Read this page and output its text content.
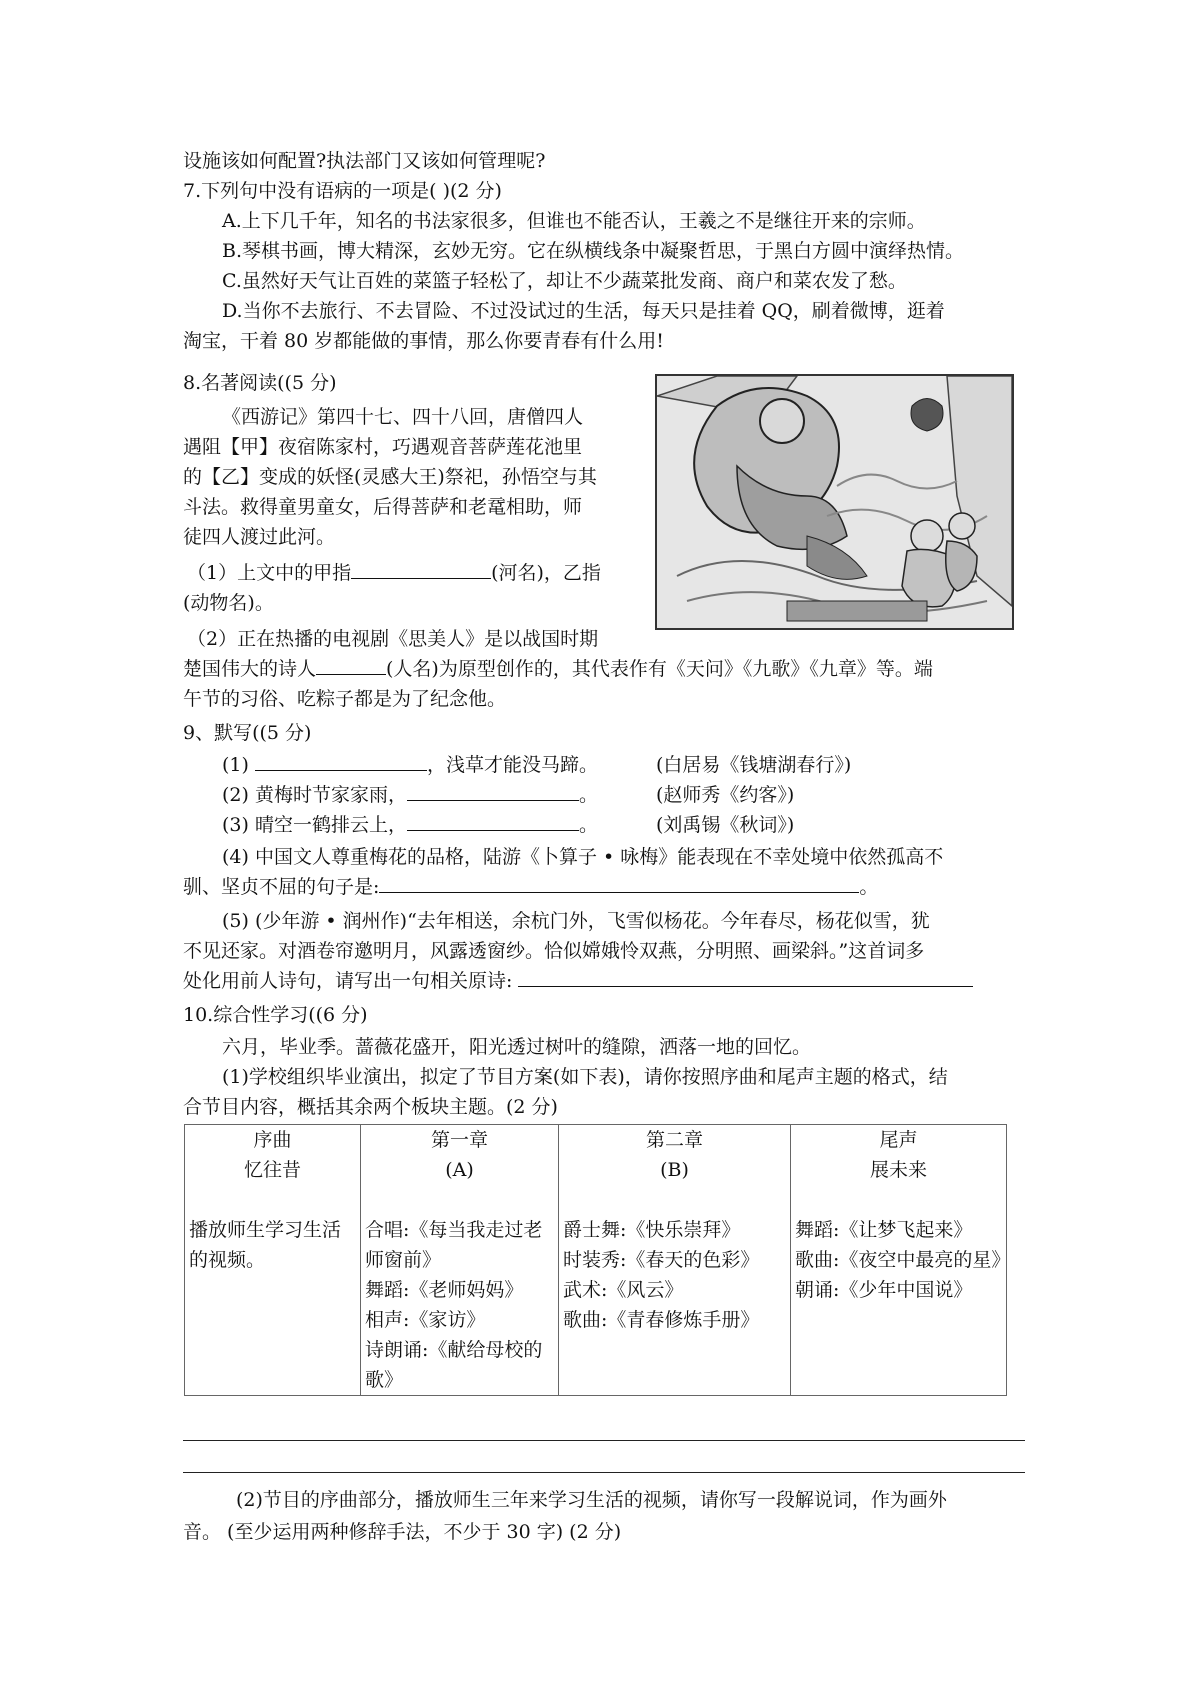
设施该如何配置?执法部门又该如何管理呢?
7.下列句中没有语病的一项是( )(2 分)
A.上下几千年，知名的书法家很多，但谁也不能否认，王羲之不是继往开来的宗师。
B.琴棋书画，博大精深，玄妙无穷。它在纵横线条中凝聚哲思，于黑白方圆中演绎热情。
C.虽然好天气让百姓的菜篮子轻松了，却让不少蔬菜批发商、商户和菜农发了愁。
D.当你不去旅行、不去冒险、不过没试过的生活，每天只是挂着 QQ，刷着微博，逛着
淘宝，干着 80 岁都能做的事情，那么你要青春有什么用!
8.名著阅读((5 分)
《西游记》第四十七、四十八回，唐僧四人
遇阻【甲】夜宿陈家村，巧遇观音菩萨莲花池里
的【乙】变成的妖怪(灵感大王)祭祀，孙悟空与其
斗法。救得童男童女，后得菩萨和老鼋相助，师
徒四人渡过此河。
（1）上文中的甲指	(河名)，乙指
(动物名)。
（2）正在热播的电视剧《思美人》是以战国时期
楚国伟大的诗人	(人名)为原型创作的，其代表作有《天问》《九歌》《九章》等。端
午节的习俗、吃粽子都是为了纪念他。
9、默写((5 分)
(1)	，浅草才能没马蹄。	(白居易《钱塘湖春行》)
(2) 黄梅时节家家雨，	。	(赵师秀《约客》)
(3) 晴空一鹤排云上，	。	(刘禹锡《秋词》)
(4) 中国文人尊重梅花的品格，陆游《卜算子 • 咏梅》能表现在不幸处境中依然孤高不
驯、坚贞不屈的句子是:	。
(5) (少年游 • 润州作)“去年相送，余杭门外，飞雪似杨花。今年春尽，杨花似雪，犹
不见还家。对酒卷帘邀明月，风露透窗纱。恰似嫦娥怜双燕，分明照、画梁斜。”这首词多
处化用前人诗句，请写出一句相关原诗:
10.综合性学习((6 分)
六月，毕业季。蔷薇花盛开，阳光透过树叶的缝隙，洒落一地的回忆。
(1)学校组织毕业演出，拟定了节目方案(如下表)，请你按照序曲和尾声主题的格式，结
合节目内容，概括其余两个板块主题。(2 分)
序曲
忆往昔
播放师生学习生活的视频。

第一章
(A)
合唱:《每当我走过老师窗前》
舞蹈:《老师妈妈》
相声:《家访》
诗朗诵:《献给母校的歌》

第二章
(B)
爵士舞:《快乐崇拜》
时装秀:《春天的色彩》
武术:《风云》
歌曲:《青春修炼手册》

尾声
展未来
舞蹈:《让梦飞起来》
歌曲:《夜空中最亮的星》
朝诵:《少年中国说》
(2)节目的序曲部分，播放师生三年来学习生活的视频，请你写一段解说词，作为画外
音。 (至少运用两种修辞手法，不少于 30 字) (2 分)
